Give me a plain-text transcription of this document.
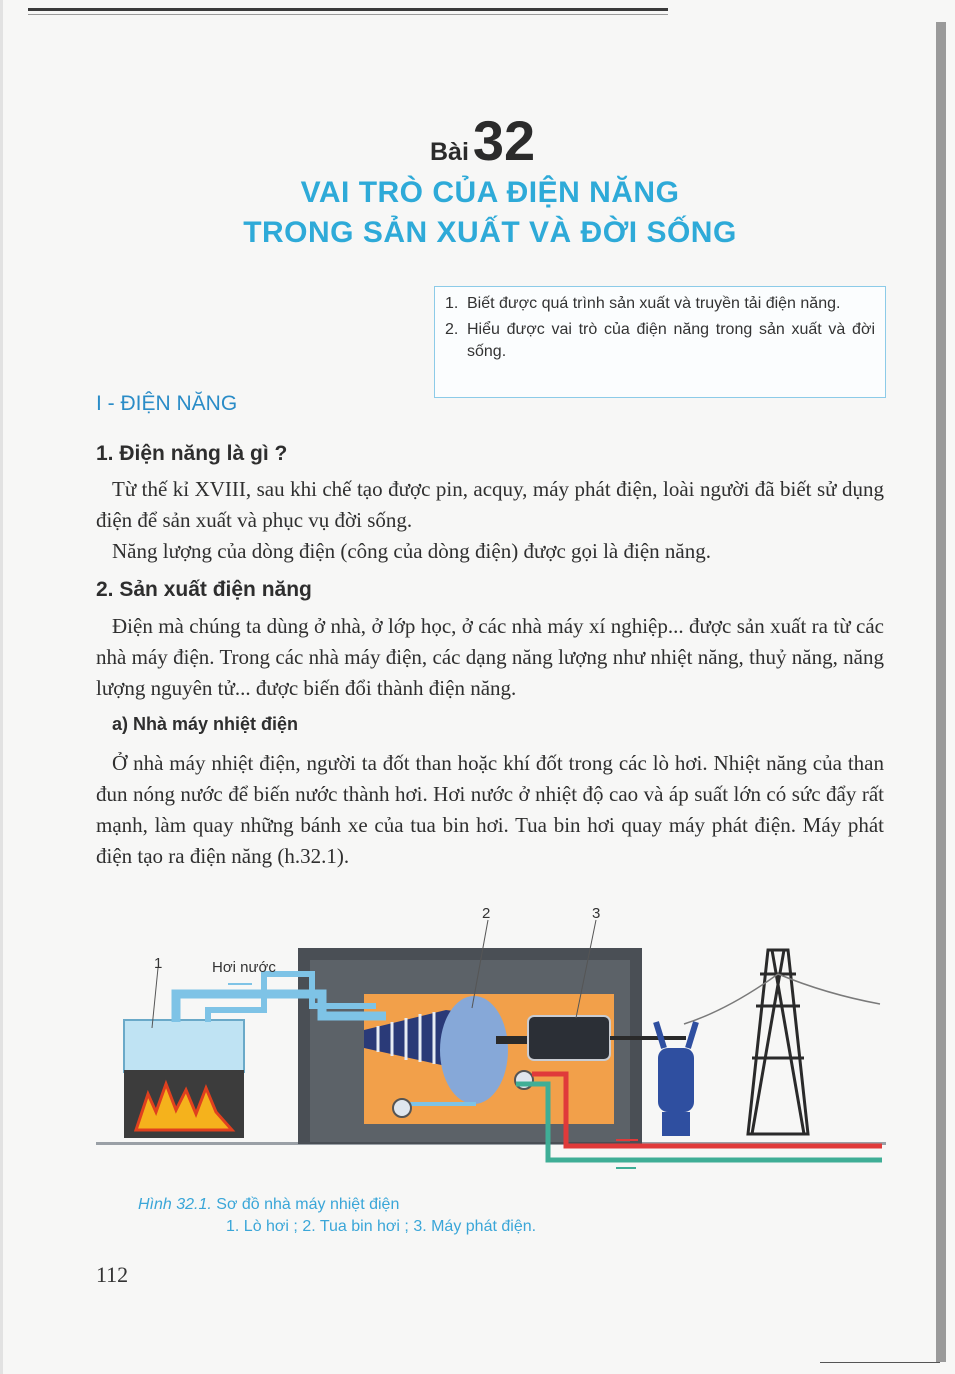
Bài32
VAI TRÒ CỦA ĐIỆN NĂNG
TRONG SẢN XUẤT VÀ ĐỜI SỐNG
1. Biết được quá trình sản xuất và truyền tải điện năng.
2. Hiểu được vai trò của điện năng trong sản xuất và đời sống.
I - ĐIỆN NĂNG
1. Điện năng là gì ?
Từ thế kỉ XVIII, sau khi chế tạo được pin, acquy, máy phát điện, loài người đã biết sử dụng điện để sản xuất và phục vụ đời sống.
Năng lượng của dòng điện (công của dòng điện) được gọi là điện năng.
2. Sản xuất điện năng
Điện mà chúng ta dùng ở nhà, ở lớp học, ở các nhà máy xí nghiệp... được sản xuất ra từ các nhà máy điện. Trong các nhà máy điện, các dạng năng lượng như nhiệt năng, thuỷ năng, năng lượng nguyên tử... được biến đổi thành điện năng.
a) Nhà máy nhiệt điện
Ở nhà máy nhiệt điện, người ta đốt than hoặc khí đốt trong các lò hơi. Nhiệt năng của than đun nóng nước để biến nước thành hơi. Hơi nước ở nhiệt độ cao và áp suất lớn có sức đẩy rất mạnh, làm quay những bánh xe của tua bin hơi. Tua bin hơi quay máy phát điện. Máy phát điện tạo ra điện năng (h.32.1).
1
2	3
Hơi nước
Hình 32.1. Sơ đồ nhà máy nhiệt điện
1. Lò hơi ; 2. Tua bin hơi ; 3. Máy phát điện.
112
